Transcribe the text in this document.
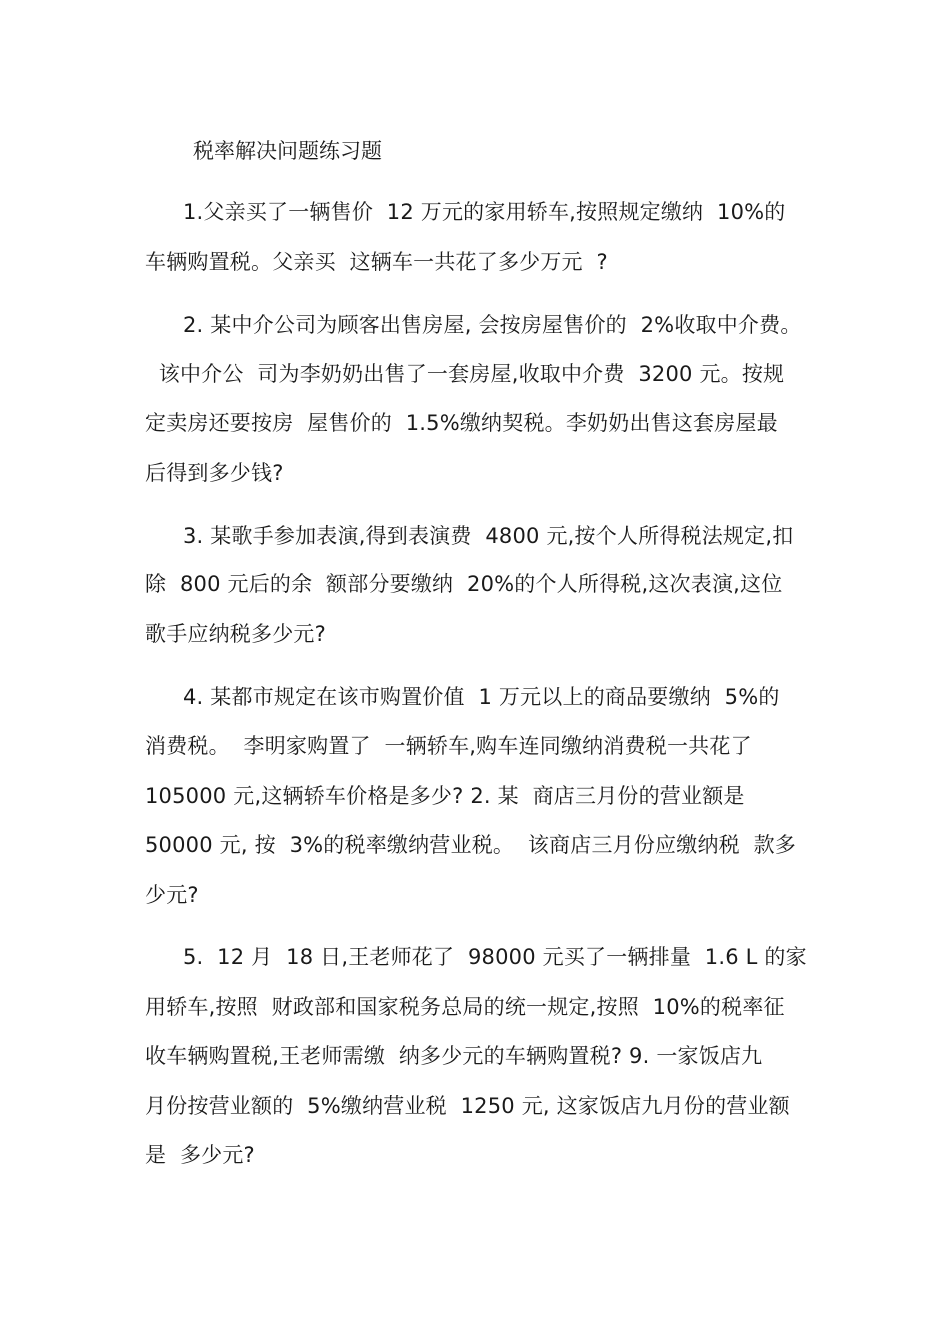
税率解决问题练习题
1.父亲买了一辆售价  12 万元的家用轿车,按照规定缴纳  10%的
车辆购置税。父亲买  这辆车一共花了多少万元  ?
2. 某中介公司为顾客出售房屋, 会按房屋售价的  2%收取中介费。
该中介公  司为李奶奶出售了一套房屋,收取中介费  3200 元。按规
定卖房还要按房  屋售价的  1.5%缴纳契税。李奶奶出售这套房屋最
后得到多少钱?
3. 某歌手参加表演,得到表演费  4800 元,按个人所得税法规定,扣
除  800 元后的余  额部分要缴纳  20%的个人所得税,这次表演,这位
歌手应纳税多少元?
4. 某都市规定在该市购置价值  1 万元以上的商品要缴纳  5%的
消费税。  李明家购置了  一辆轿车,购车连同缴纳消费税一共花了
105000 元,这辆轿车价格是多少? 2. 某  商店三月份的营业额是
50000 元, 按  3%的税率缴纳营业税。  该商店三月份应缴纳税  款多
少元?
5.  12 月  18 日,王老师花了  98000 元买了一辆排量  1.6 L 的家
用轿车,按照  财政部和国家税务总局的统一规定,按照  10%的税率征
收车辆购置税,王老师需缴  纳多少元的车辆购置税? 9. 一家饭店九
月份按营业额的  5%缴纳营业税  1250 元, 这家饭店九月份的营业额
是  多少元?
